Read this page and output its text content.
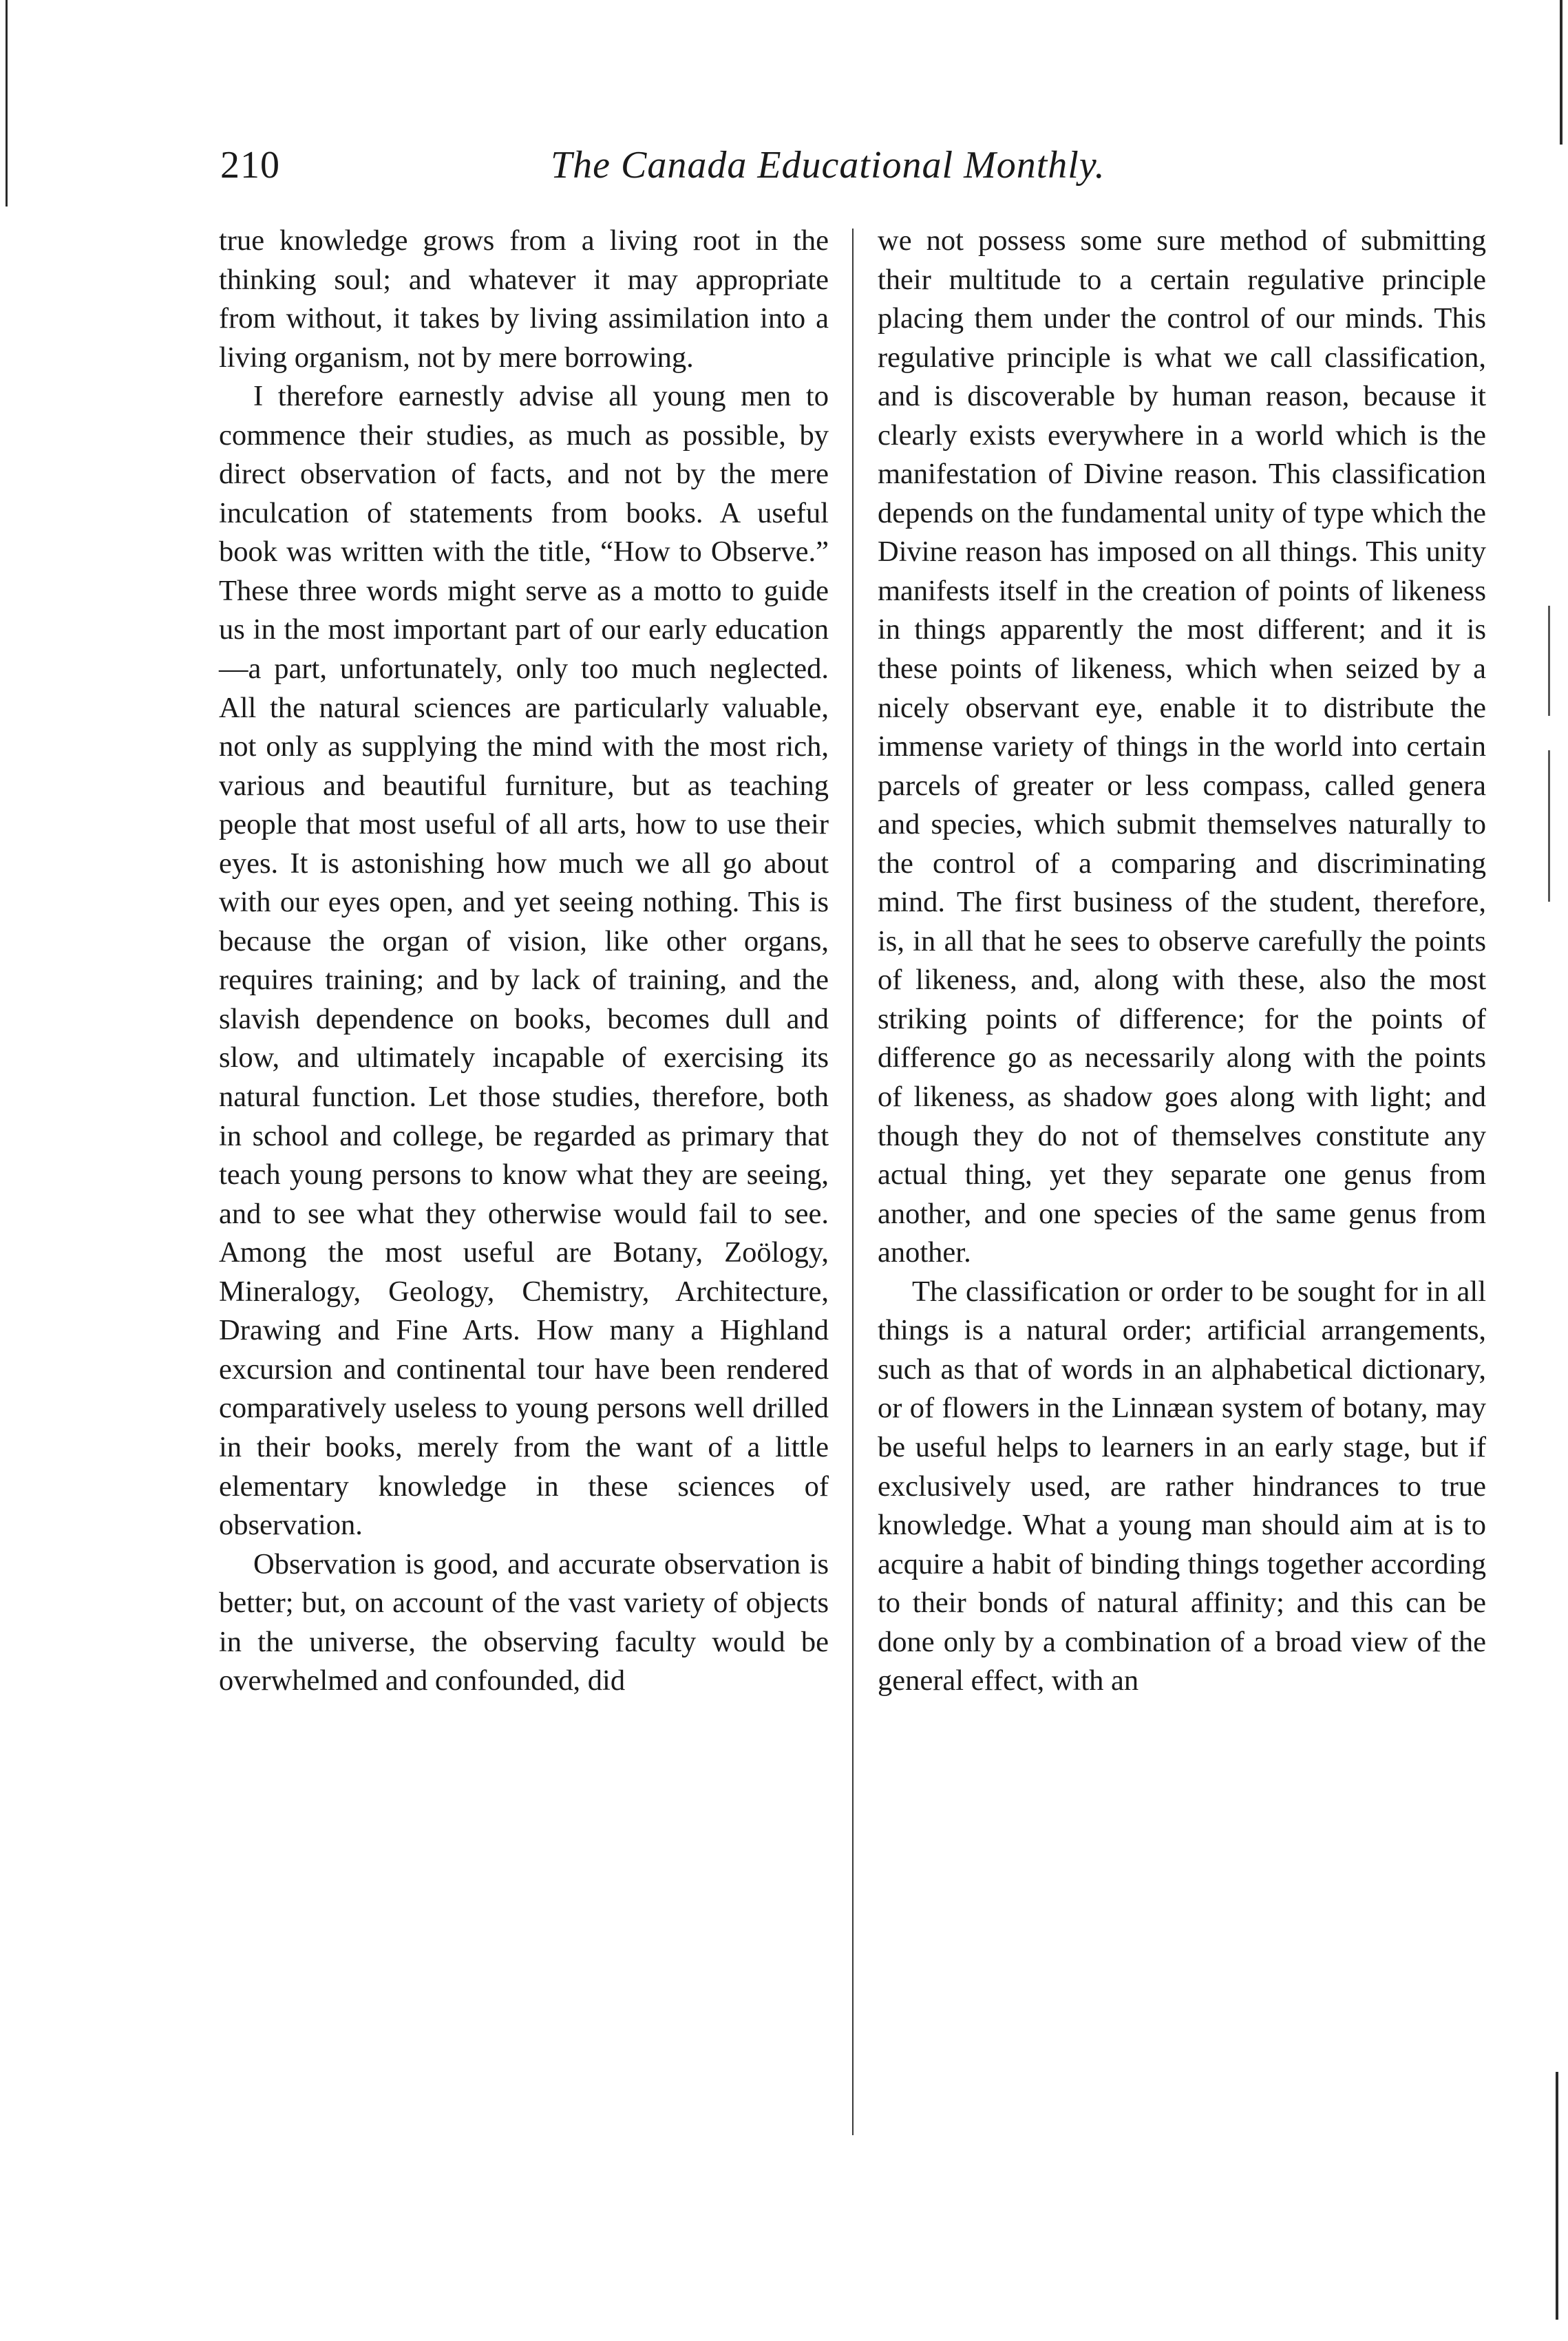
210	The Canada Educational Monthly.

true knowledge grows from a living root in the thinking soul; and whatever it may appropriate from without, it takes by living assimilation into a living organism, not by mere borrowing.

I therefore earnestly advise all young men to commence their studies, as much as possible, by direct observation of facts, and not by the mere inculcation of statements from books. A useful book was written with the title, “How to Observe.” These three words might serve as a motto to guide us in the most important part of our early education—a part, unfortunately, only too much neglected. All the natural sciences are particularly valuable, not only as supplying the mind with the most rich, various and beautiful furniture, but as teaching people that most useful of all arts, how to use their eyes. It is astonishing how much we all go about with our eyes open, and yet seeing nothing. This is because the organ of vision, like other organs, requires training; and by lack of training, and the slavish dependence on books, becomes dull and slow, and ultimately incapable of exercising its natural function. Let those studies, therefore, both in school and college, be regarded as primary that teach young persons to know what they are seeing, and to see what they otherwise would fail to see. Among the most useful are Botany, Zoölogy, Mineralogy, Geology, Chemistry, Architecture, Drawing and Fine Arts. How many a Highland excursion and continental tour have been rendered comparatively useless to young persons well drilled in their books, merely from the want of a little elementary knowledge in these sciences of observation.

Observation is good, and accurate observation is better; but, on account of the vast variety of objects in the universe, the observing faculty would be overwhelmed and confounded, did

we not possess some sure method of submitting their multitude to a certain regulative principle placing them under the control of our minds. This regulative principle is what we call classification, and is discoverable by human reason, because it clearly exists everywhere in a world which is the manifestation of Divine reason. This classification depends on the fundamental unity of type which the Divine reason has imposed on all things. This unity manifests itself in the creation of points of likeness in things apparently the most different; and it is these points of likeness, which when seized by a nicely observant eye, enable it to distribute the immense variety of things in the world into certain parcels of greater or less compass, called genera and species, which submit themselves naturally to the control of a comparing and discriminating mind. The first business of the student, therefore, is, in all that he sees to observe carefully the points of likeness, and, along with these, also the most striking points of difference; for the points of difference go as necessarily along with the points of likeness, as shadow goes along with light; and though they do not of themselves constitute any actual thing, yet they separate one genus from another, and one species of the same genus from another.

The classification or order to be sought for in all things is a natural order; artificial arrangements, such as that of words in an alphabetical dictionary, or of flowers in the Linnæan system of botany, may be useful helps to learners in an early stage, but if exclusively used, are rather hindrances to true knowledge. What a young man should aim at is to acquire a habit of binding things together according to their bonds of natural affinity; and this can be done only by a combination of a broad view of the general effect, with an
